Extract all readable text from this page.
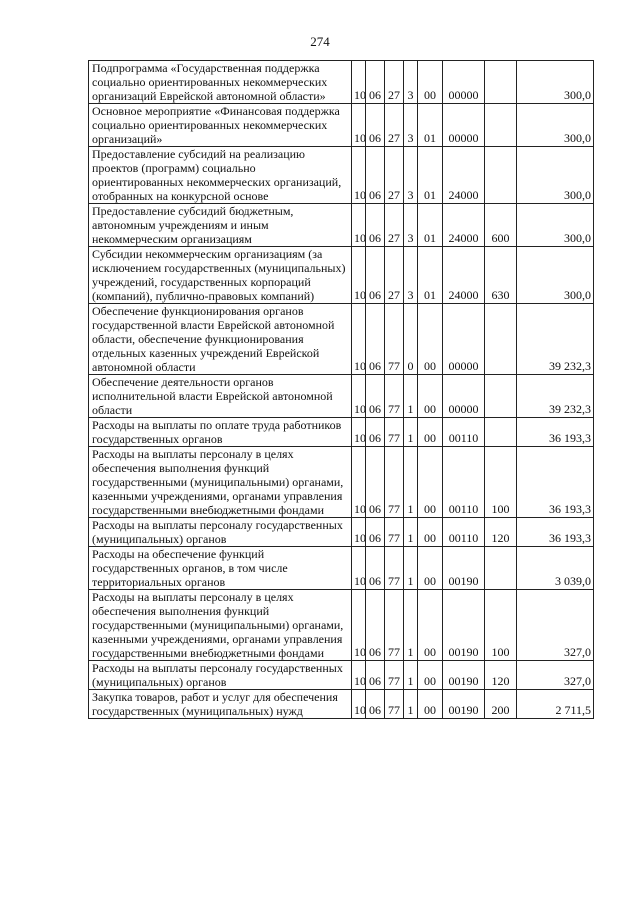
274
Подпрограмма «Государственная поддержка социально ориентированных некоммерческих организаций Еврейской автономной области»	10	06	27	3	00	00000		300,0
Основное мероприятие «Финансовая поддержка социально ориентированных некоммерческих организаций»	10	06	27	3	01	00000		300,0
Предоставление субсидий на реализацию проектов (программ) социально ориентированных некоммерческих организаций, отобранных на конкурсной основе	10	06	27	3	01	24000		300,0
Предоставление субсидий бюджетным, автономным учреждениям и иным некоммерческим организациям	10	06	27	3	01	24000	600	300,0
Субсидии некоммерческим организациям (за исключением государственных (муниципальных) учреждений, государственных корпораций (компаний), публично-правовых компаний)	10	06	27	3	01	24000	630	300,0
Обеспечение функционирования органов государственной власти Еврейской автономной области, обеспечение функционирования отдельных казенных учреждений Еврейской автономной области	10	06	77	0	00	00000		39 232,3
Обеспечение деятельности органов исполнительной власти Еврейской автономной области	10	06	77	1	00	00000		39 232,3
Расходы на выплаты по оплате труда работников государственных органов	10	06	77	1	00	00110		36 193,3
Расходы на выплаты персоналу в целях обеспечения выполнения функций государственными (муниципальными) органами, казенными учреждениями, органами управления государственными внебюджетными фондами	10	06	77	1	00	00110	100	36 193,3
Расходы на выплаты персоналу государственных (муниципальных) органов	10	06	77	1	00	00110	120	36 193,3
Расходы на обеспечение функций государственных органов, в том числе территориальных органов	10	06	77	1	00	00190		3 039,0
Расходы на выплаты персоналу в целях обеспечения выполнения функций государственными (муниципальными) органами, казенными учреждениями, органами управления государственными внебюджетными фондами	10	06	77	1	00	00190	100	327,0
Расходы на выплаты персоналу государственных (муниципальных) органов	10	06	77	1	00	00190	120	327,0
Закупка товаров, работ и услуг для обеспечения государственных (муниципальных) нужд	10	06	77	1	00	00190	200	2 711,5
